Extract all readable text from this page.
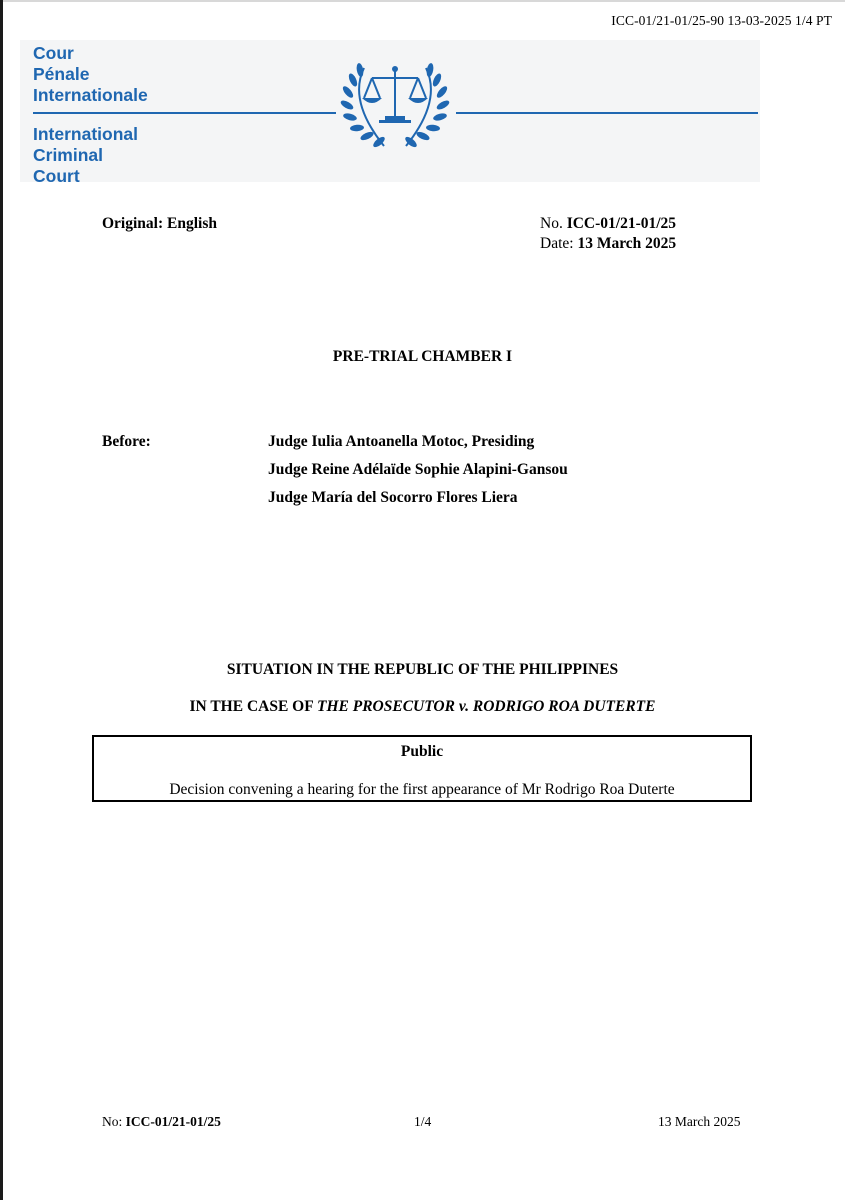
ICC-01/21-01/25-90 13-03-2025 1/4 PT
Cour
Pénale
Internationale
International
Criminal
Court
Original: English	No. ICC-01/21-01/25
Date: 13 March 2025
PRE-TRIAL CHAMBER I
Before:	Judge Iulia Antoanella Motoc, Presiding
Judge Reine Adélaïde Sophie Alapini-Gansou
Judge María del Socorro Flores Liera
SITUATION IN THE REPUBLIC OF THE PHILIPPINES
IN THE CASE OF THE PROSECUTOR v. RODRIGO ROA DUTERTE
Public
Decision convening a hearing for the first appearance of Mr Rodrigo Roa Duterte
No: ICC-01/21-01/25	1/4	13 March 2025
